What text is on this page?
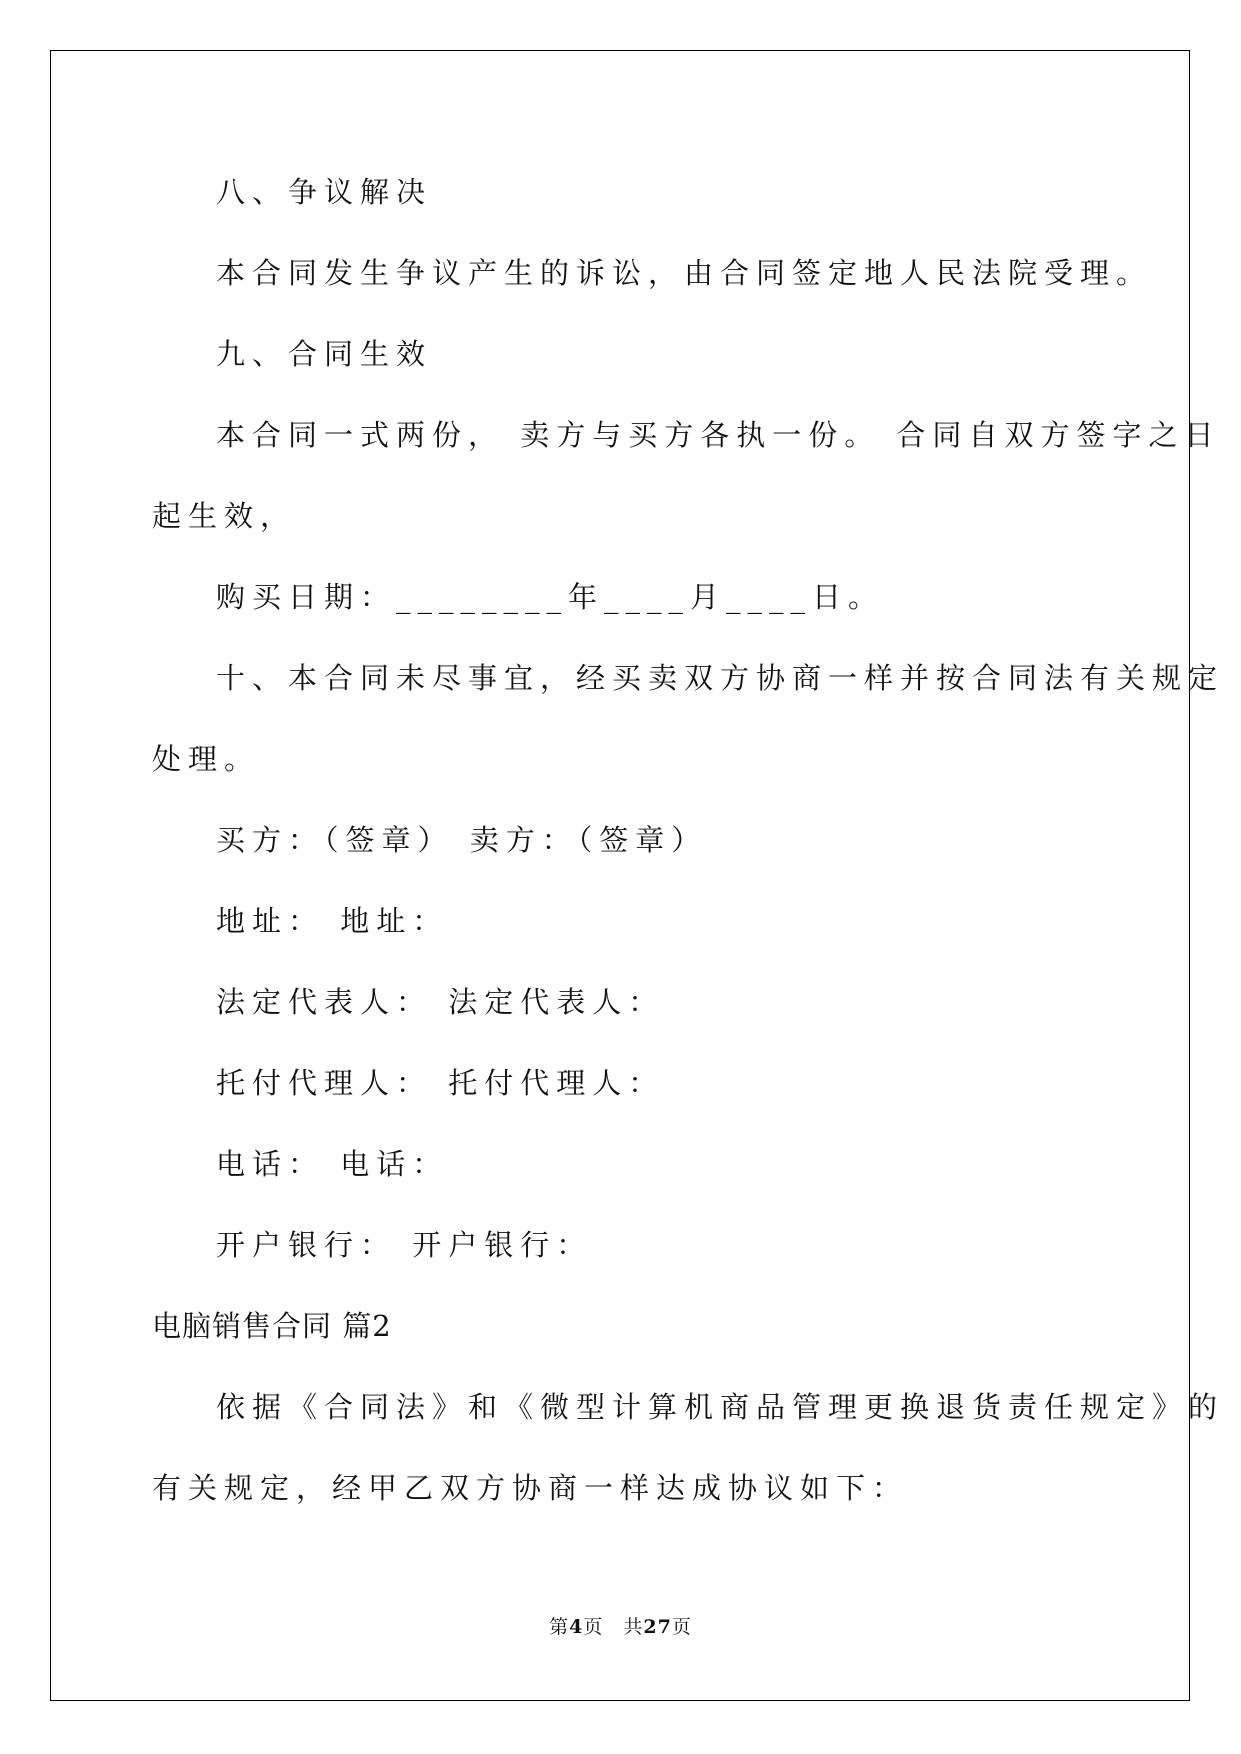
八、争议解决

本合同发生争议产生的诉讼，由合同签定地人民法院受理。

九、合同生效

本合同一式两份， 卖方与买方各执一份。 合同自双方签字之日

起生效，

购买日期：________年____月____日。

十、本合同未尽事宜，经买卖双方协商一样并按合同法有关规定

处理。

买方：（签章） 卖方：（签章）

地址： 地址：

法定代表人： 法定代表人：

托付代理人： 托付代理人：

电话： 电话：

开户银行： 开户银行：

电脑销售合同 篇2

依据《合同法》和《微型计算机商品管理更换退货责任规定》的

有关规定，经甲乙双方协商一样达成协议如下：

第4页　共27页
